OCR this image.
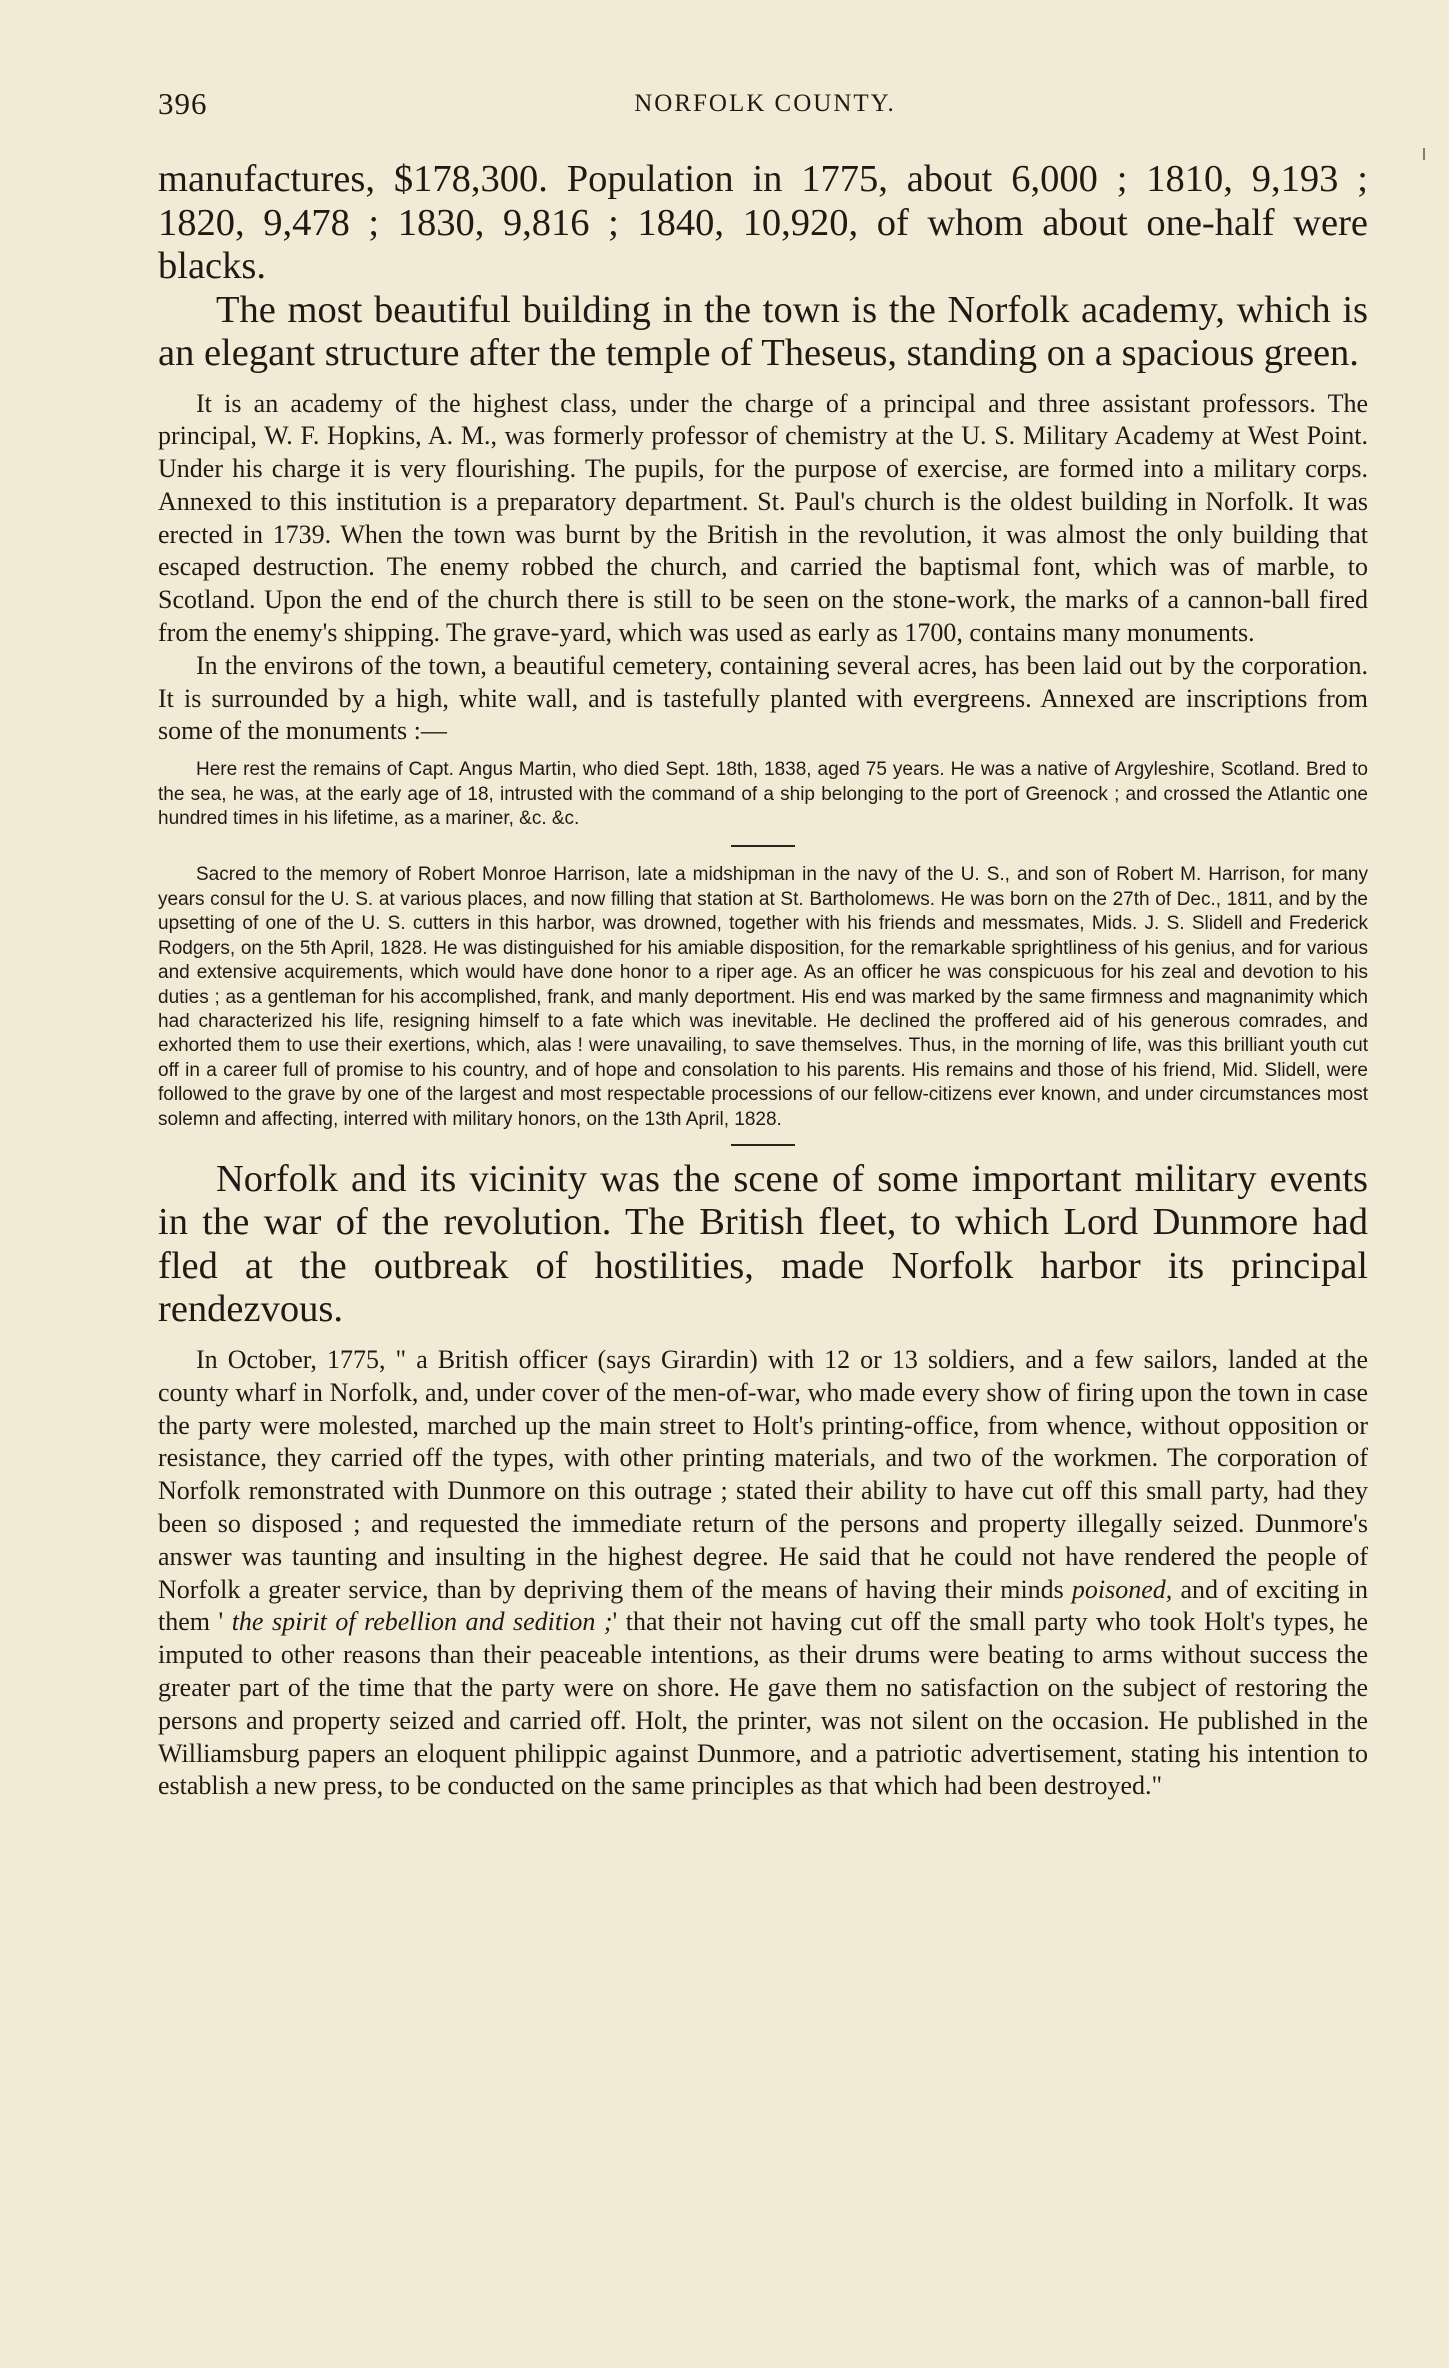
396	NORFOLK COUNTY.

manufactures, $178,300. Population in 1775, about 6,000 ; 1810, 9,193 ; 1820, 9,478 ; 1830, 9,816 ; 1840, 10,920, of whom about one-half were blacks.

The most beautiful building in the town is the Norfolk academy, which is an elegant structure after the temple of Theseus, standing on a spacious green.

It is an academy of the highest class, under the charge of a principal and three assistant professors. The principal, W. F. Hopkins, A. M., was formerly professor of chemistry at the U. S. Military Academy at West Point. Under his charge it is very flourishing. The pupils, for the purpose of exercise, are formed into a military corps. Annexed to this institution is a preparatory department. St. Paul's church is the oldest building in Norfolk. It was erected in 1739. When the town was burnt by the British in the revolution, it was almost the only building that escaped destruction. The enemy robbed the church, and carried the baptismal font, which was of marble, to Scotland. Upon the end of the church there is still to be seen on the stone-work, the marks of a cannon-ball fired from the enemy's shipping. The grave-yard, which was used as early as 1700, contains many monuments.

In the environs of the town, a beautiful cemetery, containing several acres, has been laid out by the corporation. It is surrounded by a high, white wall, and is tastefully planted with evergreens. Annexed are inscriptions from some of the monuments :—

Here rest the remains of Capt. Angus Martin, who died Sept. 18th, 1838, aged 75 years. He was a native of Argyleshire, Scotland. Bred to the sea, he was, at the early age of 18, intrusted with the command of a ship belonging to the port of Greenock ; and crossed the Atlantic one hundred times in his lifetime, as a mariner, &c. &c.

Sacred to the memory of Robert Monroe Harrison, late a midshipman in the navy of the U. S., and son of Robert M. Harrison, for many years consul for the U. S. at various places, and now filling that station at St. Bartholomews. He was born on the 27th of Dec., 1811, and by the upsetting of one of the U. S. cutters in this harbor, was drowned, together with his friends and messmates, Mids. J. S. Slidell and Frederick Rodgers, on the 5th April, 1828. He was distinguished for his amiable disposition, for the remarkable sprightliness of his genius, and for various and extensive acquirements, which would have done honor to a riper age. As an officer he was conspicuous for his zeal and devotion to his duties ; as a gentleman for his accomplished, frank, and manly deportment. His end was marked by the same firmness and magnanimity which had characterized his life, resigning himself to a fate which was inevitable. He declined the proffered aid of his generous comrades, and exhorted them to use their exertions, which, alas ! were unavailing, to save themselves. Thus, in the morning of life, was this brilliant youth cut off in a career full of promise to his country, and of hope and consolation to his parents. His remains and those of his friend, Mid. Slidell, were followed to the grave by one of the largest and most respectable processions of our fellow-citizens ever known, and under circumstances most solemn and affecting, interred with military honors, on the 13th April, 1828.

Norfolk and its vicinity was the scene of some important military events in the war of the revolution. The British fleet, to which Lord Dunmore had fled at the outbreak of hostilities, made Norfolk harbor its principal rendezvous.

In October, 1775, " a British officer (says Girardin) with 12 or 13 soldiers, and a few sailors, landed at the county wharf in Norfolk, and, under cover of the men-of-war, who made every show of firing upon the town in case the party were molested, marched up the main street to Holt's printing-office, from whence, without opposition or resistance, they carried off the types, with other printing materials, and two of the workmen. The corporation of Norfolk remonstrated with Dunmore on this outrage ; stated their ability to have cut off this small party, had they been so disposed ; and requested the immediate return of the persons and property illegally seized. Dunmore's answer was taunting and insulting in the highest degree. He said that he could not have rendered the people of Norfolk a greater service, than by depriving them of the means of having their minds poisoned, and of exciting in them ' the spirit of rebellion and sedition ;' that their not having cut off the small party who took Holt's types, he imputed to other reasons than their peaceable intentions, as their drums were beating to arms without success the greater part of the time that the party were on shore. He gave them no satisfaction on the subject of restoring the persons and property seized and carried off. Holt, the printer, was not silent on the occasion. He published in the Williamsburg papers an eloquent philippic against Dunmore, and a patriotic advertisement, stating his intention to establish a new press, to be conducted on the same principles as that which had been destroyed."
